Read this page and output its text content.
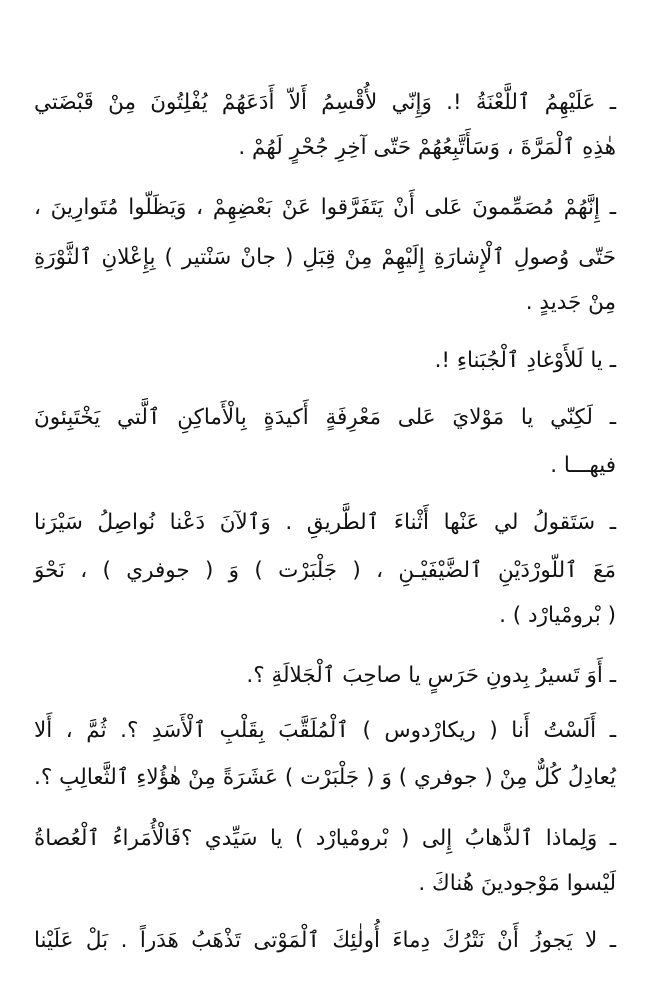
ـ عَلَيْهِمُ ٱللَّعْنَةُ !. وَإِنّي لأُقْسِمُ أَلاّ أَدَعَهُمْ يُفْلِتُونَ مِنْ قَبْضَتي
هٰذِهِ ٱلْمَرَّةَ ، وَسَأَتَّبِعُهُمْ حَتّى آخِرِ جُحْرٍ لَهُمْ .
ـ إِنَّهُمْ مُصَمِّمونَ عَلى أَنْ يَتَفَرَّقوا عَنْ بَعْضِهِمْ ، وَيَظَلّوا مُتَوارِينَ ،
حَتّى وُصولِ ٱلْإِشارَةِ إِلَيْهِمْ مِنْ قِبَلِ ( جانْ سَنْتير ) بِإِعْلانِ ٱلثَّوْرَةِ
مِنْ جَديدٍ .
ـ يا لَلأَوْغادِ ٱلْجُبَناءِ !.
ـ لَكِنّي يا مَوْلايَ عَلى مَعْرِفَةٍ أَكيدَةٍ بِالْأَماكِنِ ٱلَّتي يَخْتَبِئونَ
فيهـــا .
ـ سَتَقولُ لي عَنْها أَثْناءَ ٱلطَّريقِ . وَٱلآنَ دَعْنا نُواصِلُ سَيْرَنا
مَعَ ٱللّورْدَيْنِ ٱلضَّيْفَيْـنِ ، ( جَلْبَرْت ) وَ ( جوفري ) ، نَحْوَ
( بْرومْيارْد ) .
ـ أَوَ تَسيرُ بِدونِ حَرَسٍ يا صاحِبَ ٱلْجَلالَةِ ؟.
ـ أَلَسْتُ أَنا ( ريكارْدوس ) ٱلْمُلَقَّبَ بِقَلْبِ ٱلْأَسَدِ ؟. ثُمَّ ، أَلا
يُعادِلُ كُلٌّ مِنْ ( جوفري ) وَ ( جَلْبَرْت ) عَشَرَةً مِنْ هٰؤُلاءِ ٱلثَّعالِبِ ؟.
ـ وَلِماذا ٱلذَّهابُ إِلى ( بْرومْيارْد ) يا سَيِّدي ؟فَالْأُمَراءُ ٱلْعُصاةُ
لَيْسوا مَوْجودينَ هُناكَ .
ـ لا يَجوزُ أَنْ نَتْرُكَ دِماءَ أُولٰئِكَ ٱلْمَوْتى تَذْهَبُ هَدَراً . بَلْ عَلَيْنا
